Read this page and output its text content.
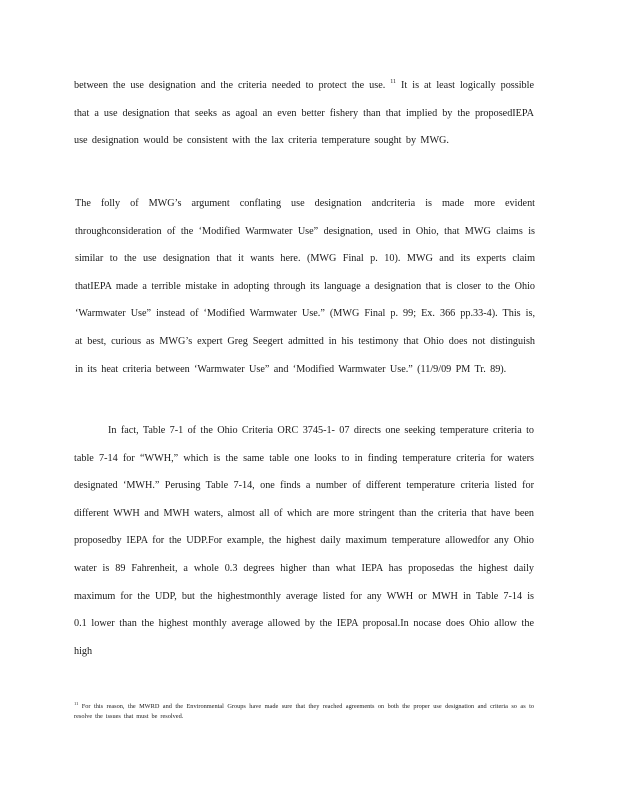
between the use designation and the criteria needed to protect the use. $^{11}$ It is at least logically possible that a use designation that seeks as agoal an even better fishery than that implied by the proposedIEPA use designation would be consistent with the lax criteria temperature sought by MWG.

The folly of MWG’s argument conflating use designation andcriteria is made more evident throughconsideration of the ‘Modified Warmwater Use” designation, used in Ohio, that MWG claims is similar to the use designation that it wants here. (MWG Final p. 10). MWG and its experts claim thatIEPA made a terrible mistake in adopting through its language a designation that is closer to the Ohio ‘Warmwater Use” instead of ‘Modified Warmwater Use.” (MWG Final p. 99; Ex. 366 pp.33-4). This is, at best, curious as MWG’s expert Greg Seegert admitted in his testimony that Ohio does not distinguish in its heat criteria between ‘Warmwater Use” and ‘Modified Warmwater Use.” (11/9/09 PM Tr. 89).

In fact, Table 7-1 of the Ohio Criteria ORC 3745-1- 07 directs one seeking temperature criteria to table 7-14 for “WWH,” which is the same table one looks to in finding temperature criteria for waters designated ‘MWH.” Perusing Table 7-14, one finds a number of different temperature criteria listed for different WWH and MWH waters, almost all of which are more stringent than the criteria that have been proposedby IEPA for the UDP.For example, the highest daily maximum temperature allowedfor any Ohio water is 89 Fahrenheit, a whole 0.3 degrees higher than what IEPA has proposedas the highest daily maximum for the UDP, but the highestmonthly average listed for any WWH or MWH in Table 7-14 is 0.1 lower than the highest monthly average allowed by the IEPA proposal.In nocase does Ohio allow the high

$^{11}$ For this reason, the MWRD and the Environmental Groups have made sure that they reached agreements on both the proper use designation and criteria so as to resolve the issues that must be resolved.
